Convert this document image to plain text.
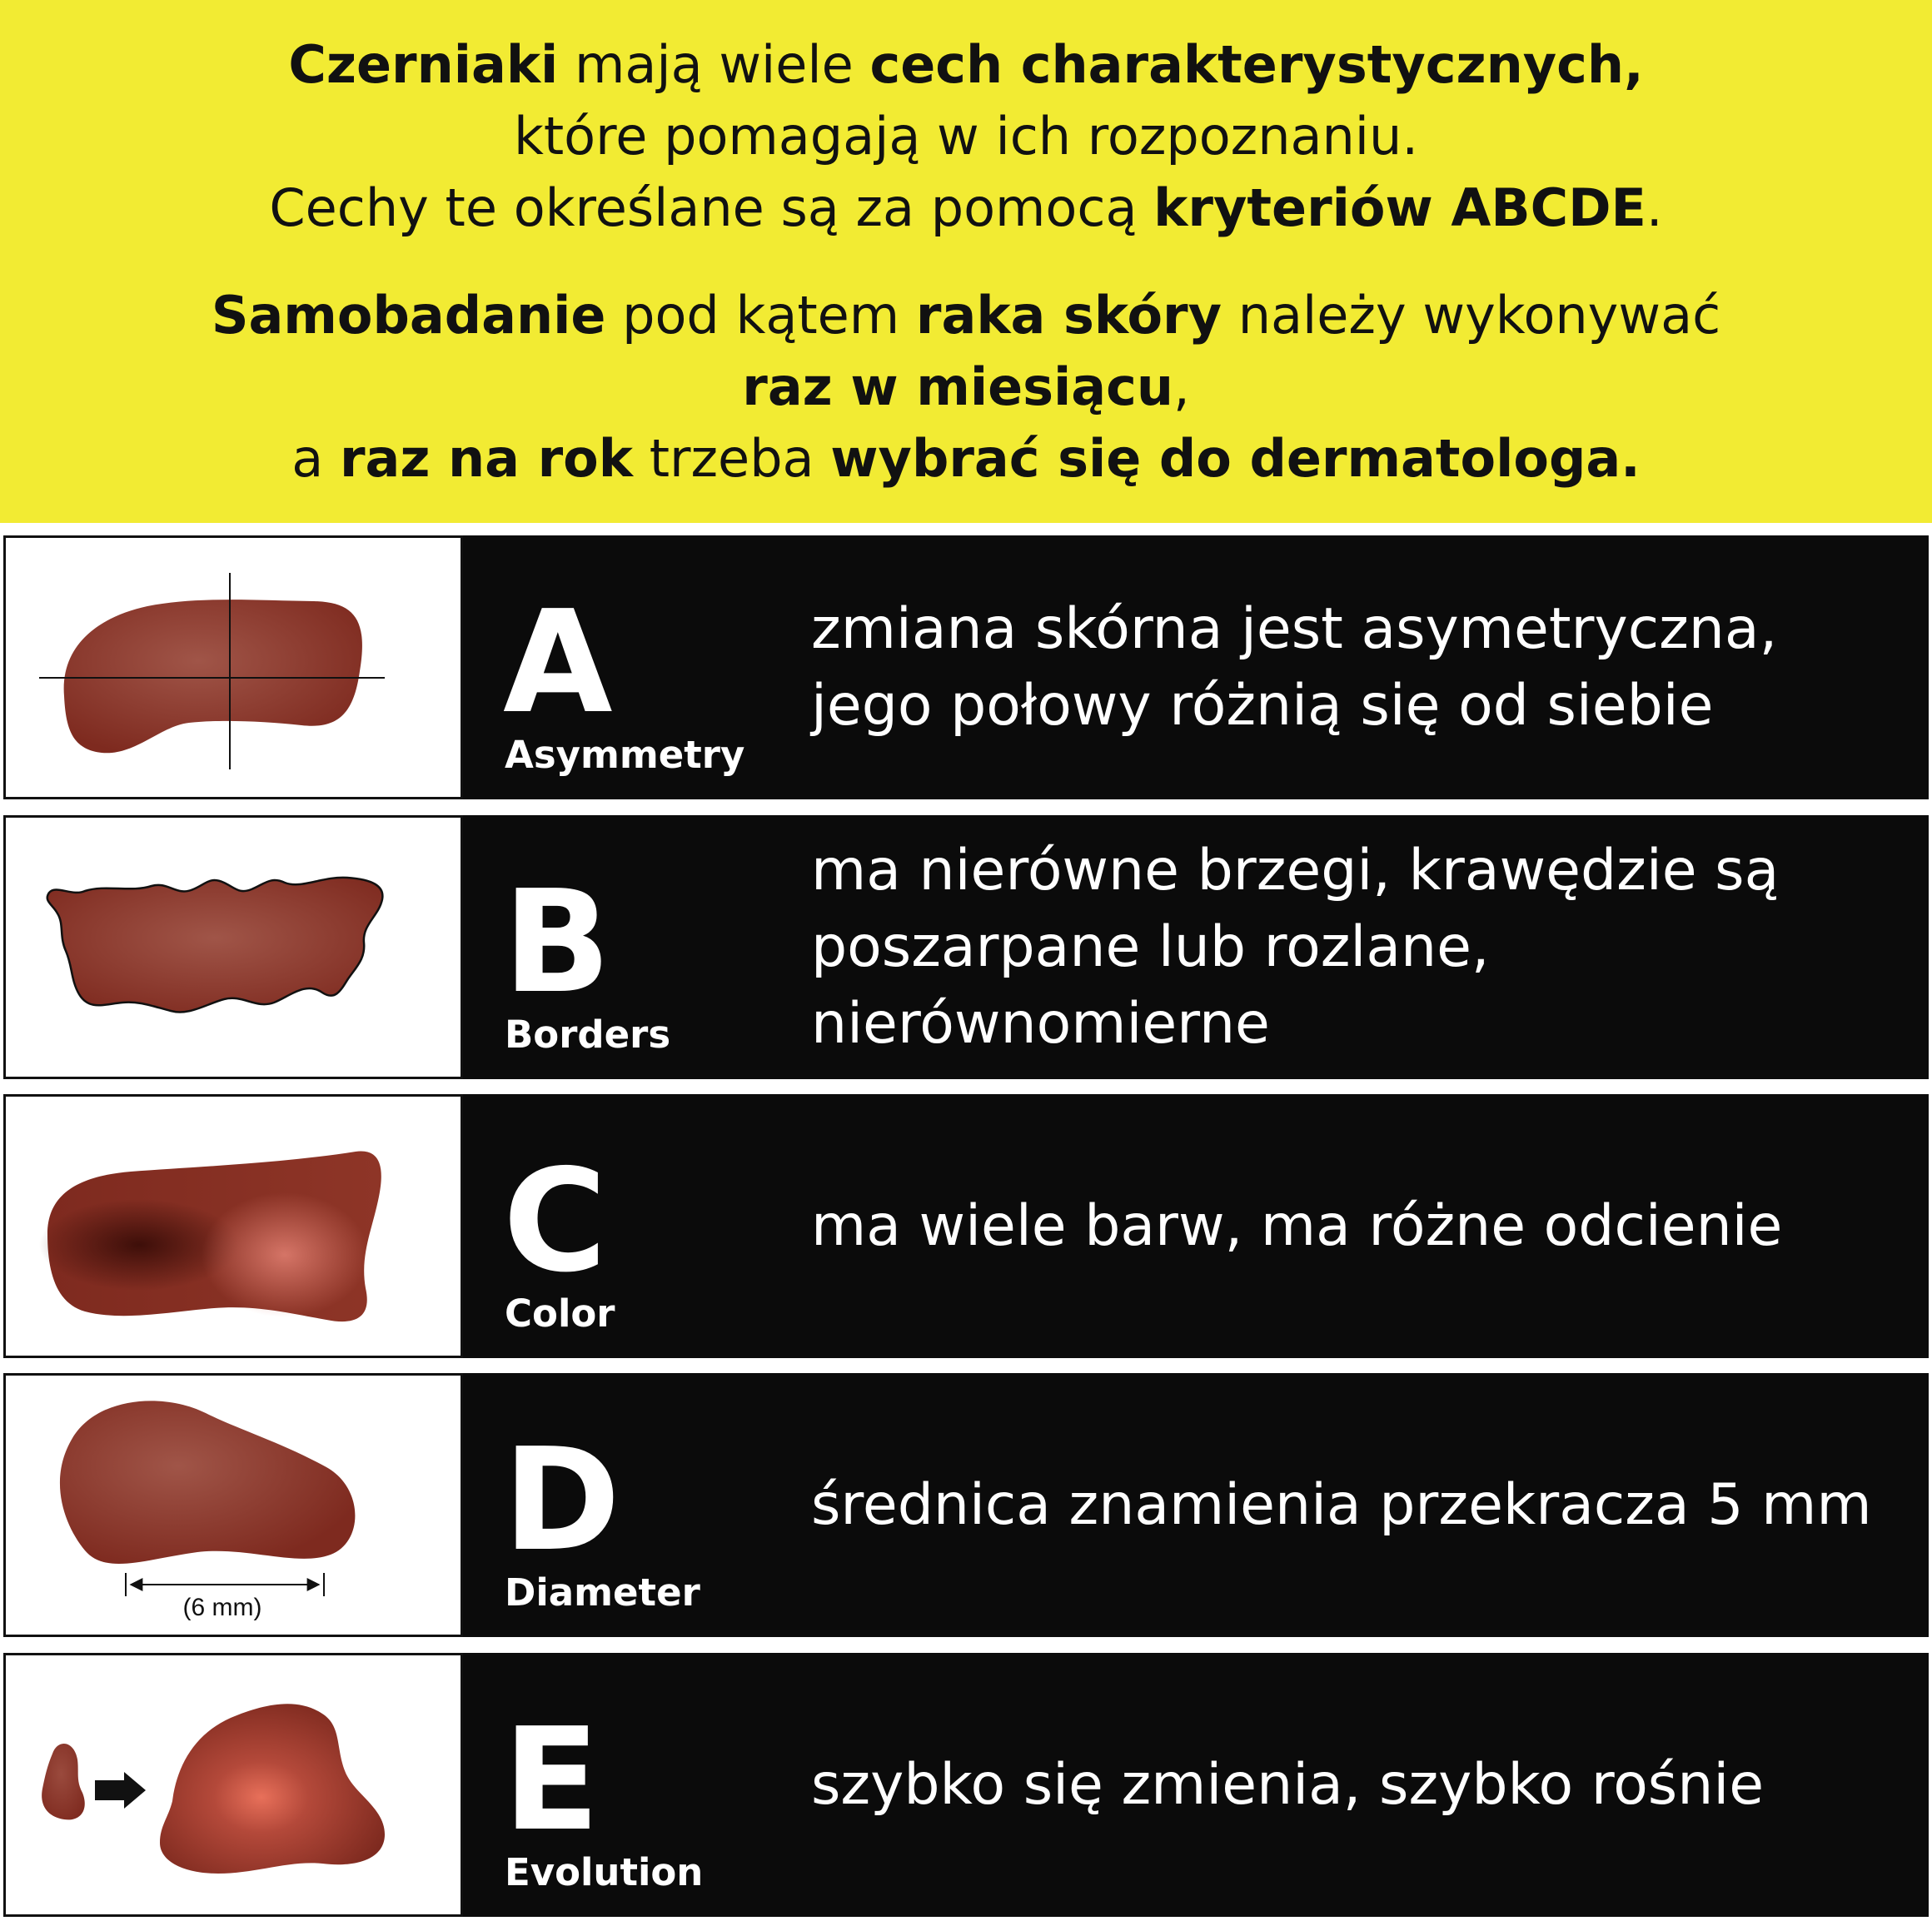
Czerniaki mają wiele cech charakterystycznych,

które pomagają w ich rozpoznaniu.

Cechy te określane są za pomocą kryteriów ABCDE.

Samobadanie pod kątem raka skóry należy wykonywać

raz w miesiącu,

a raz na rok trzeba wybrać się do dermatologa.

A
Asymmetry
zmiana skórna jest asymetryczna, jego połowy różnią się od siebie
B
Borders
ma nierówne brzegi, krawędzie są poszarpane lub rozlane, nierównomierne
C
Color
ma wiele barw, ma różne odcienie
(6 mm)
D
Diameter
średnica znamienia przekracza 5 mm
E
Evolution
szybko się zmienia, szybko rośnie
